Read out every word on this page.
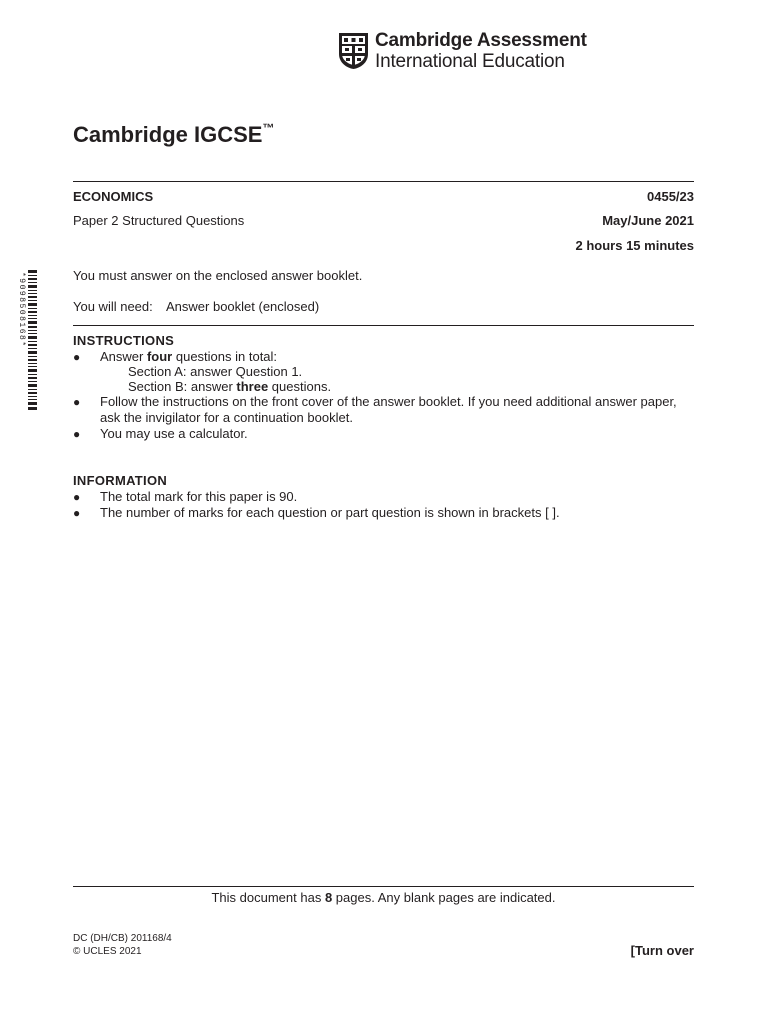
Cambridge Assessment
International Education
Cambridge IGCSE™
ECONOMICS	0455/23
Paper 2 Structured Questions	May/June 2021
2 hours 15 minutes
*9098508168*	You must answer on the enclosed answer booklet.
You will need: Answer booklet (enclosed)
INSTRUCTIONS
● Answer four questions in total:
Section A: answer Question 1.
Section B: answer three questions.
● Follow the instructions on the front cover of the answer booklet. If you need additional answer paper,
ask the invigilator for a continuation booklet.
● You may use a calculator.
INFORMATION
● The total mark for this paper is 90.
● The number of marks for each question or part question is shown in brackets [ ].
This document has 8 pages. Any blank pages are indicated.
DC (DH/CB) 201168/4
© UCLES 2021	[Turn over
